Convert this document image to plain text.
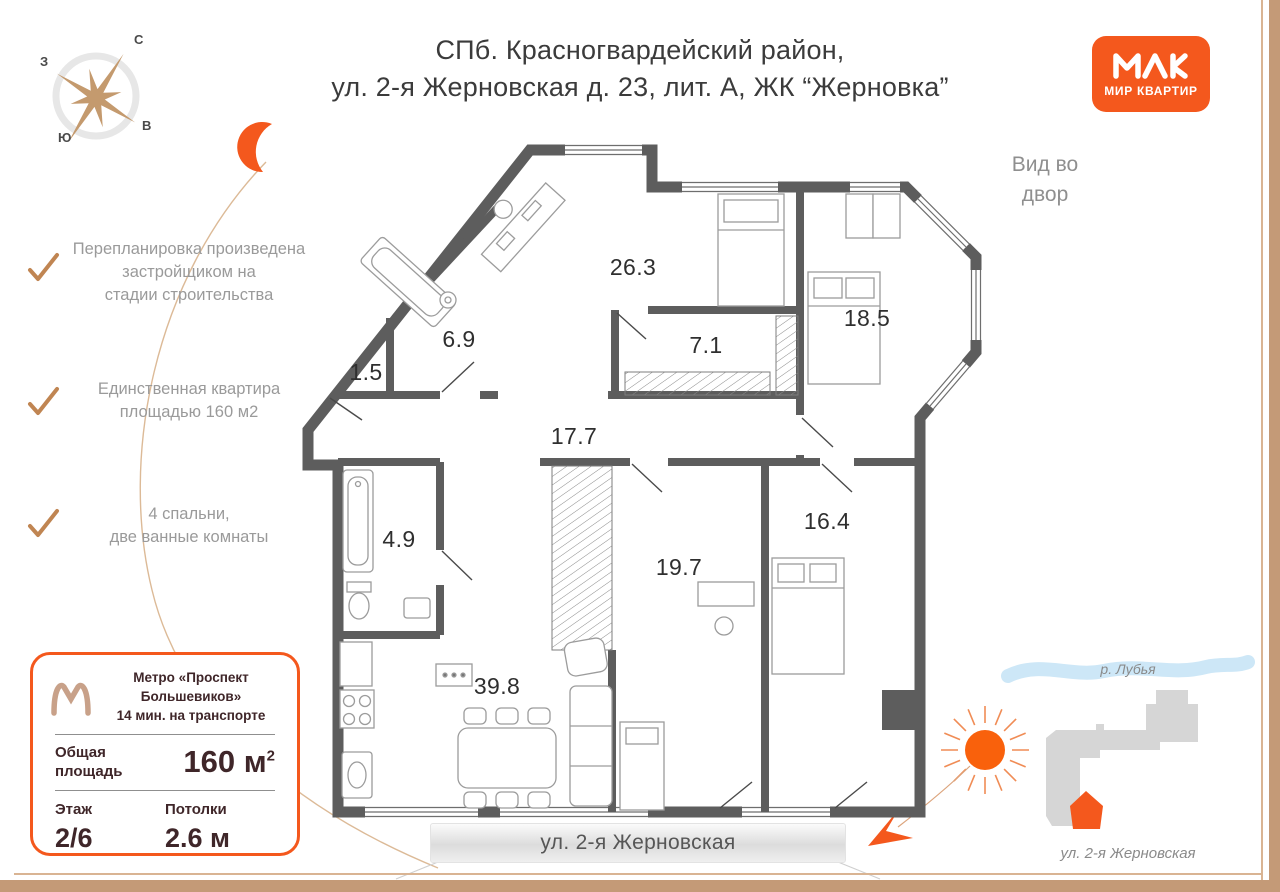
С
З
В
Ю
СПб. Красногвардейский район,
ул. 2-я Жерновская д. 23, лит. А, ЖК “Жерновка”	МИР КВАРТИР
Вид во
двор
Перепланировка произведена
застройщиком на
стадии строительства
Единственная квартира
площадью 160 м2
4 спальни,
две ванные комнаты
26.3
18.5
6.9
1.5
7.1
17.7
4.9
16.4
19.7
39.8
ул. 2-я Жерновская
Метро «Проспект Большевиков»
14 мин. на транспорте
Общая
площадь 160 $м^2$
Этаж
2/6
Потолки
2.6 м
р. Лубья
ул. 2-я Жерновская
